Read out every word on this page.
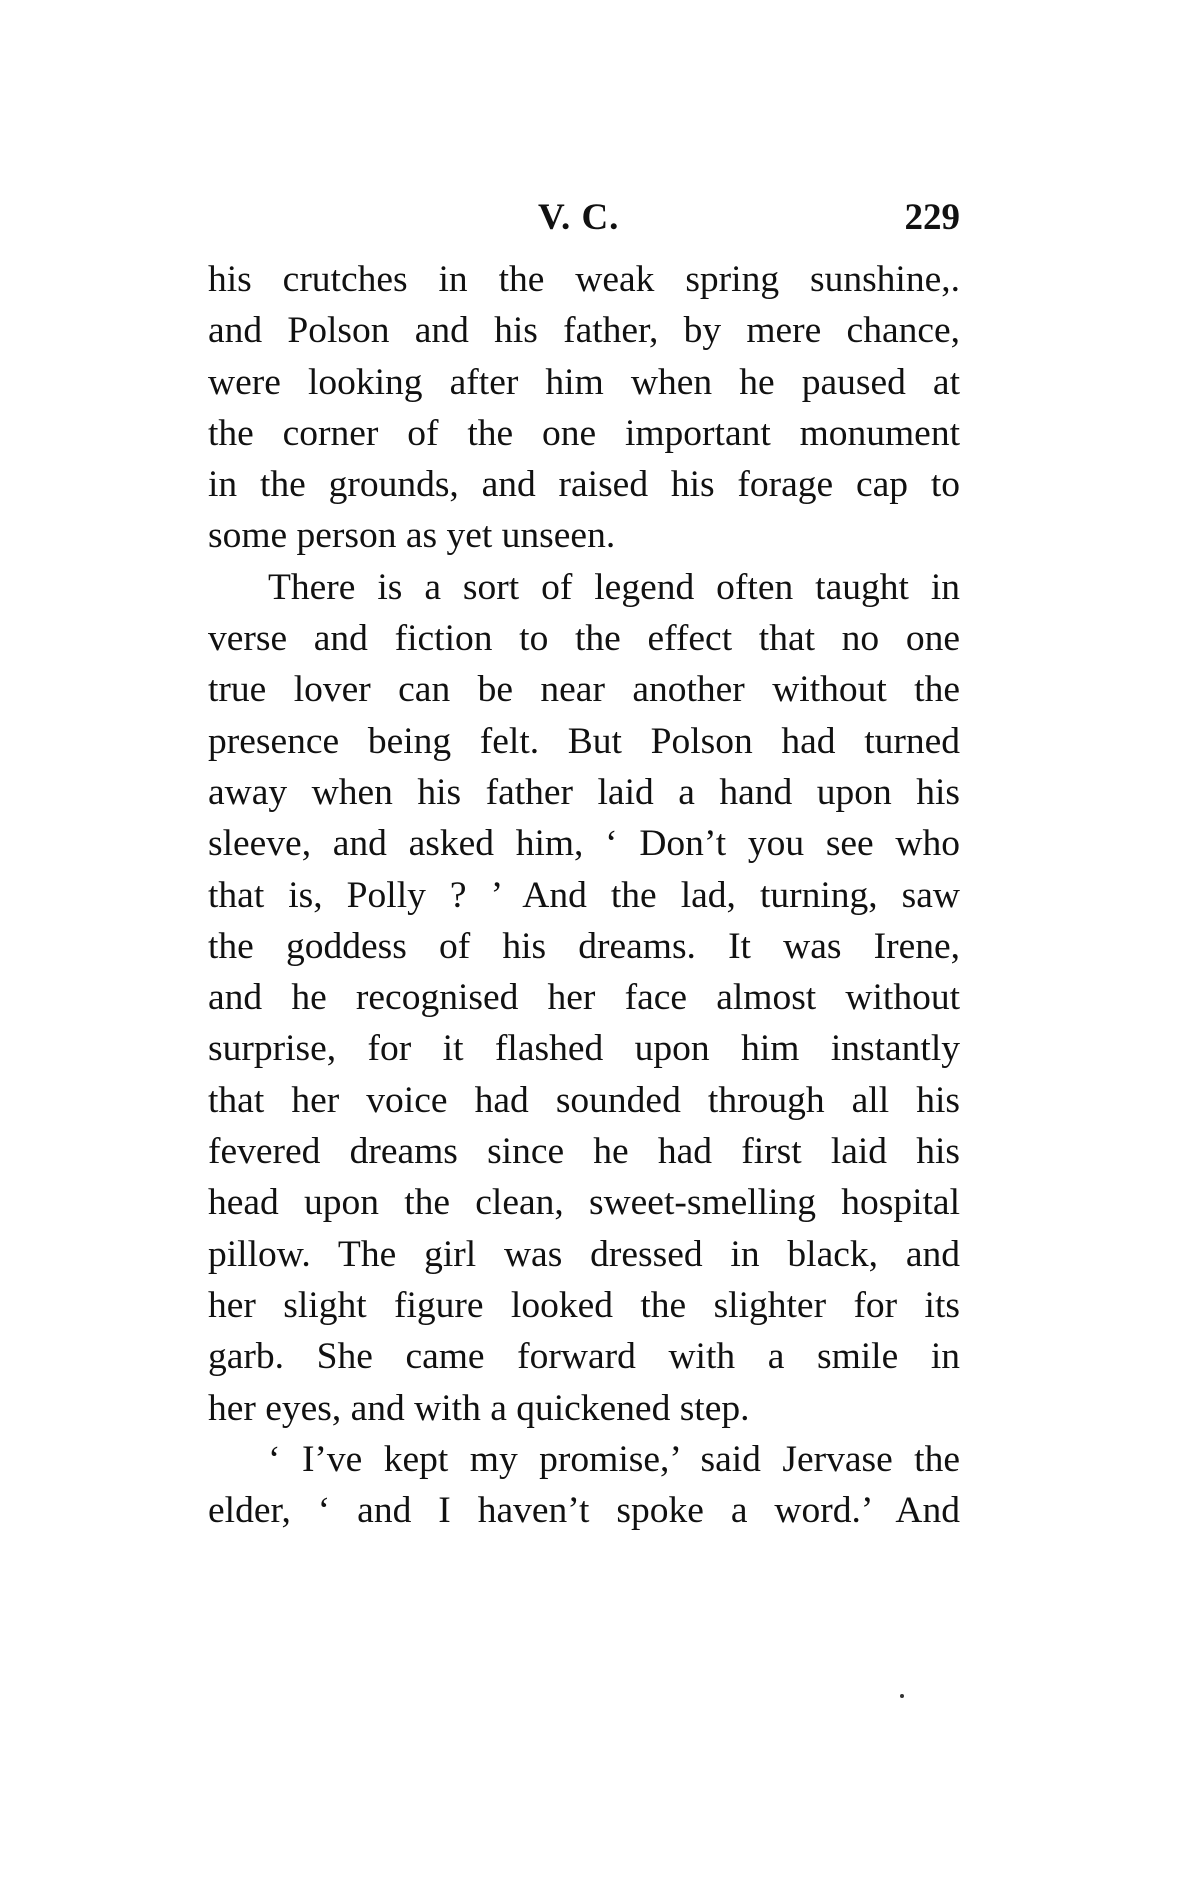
V. C.	229
his crutches in the weak spring sunshine,.
and Polson and his father, by mere chance,
were looking after him when he paused at
the corner of the one important monument
in the grounds, and raised his forage cap to
some person as yet unseen.
There is a sort of legend often taught in
verse and fiction to the effect that no one
true lover can be near another without the
presence being felt. But Polson had turned
away when his father laid a hand upon his
sleeve, and asked him, ‘ Don’t you see who
that is, Polly ? ’ And the lad, turning, saw
the goddess of his dreams. It was Irene,
and he recognised her face almost without
surprise, for it flashed upon him instantly
that her voice had sounded through all his
fevered dreams since he had first laid his
head upon the clean, sweet-smelling hospital
pillow. The girl was dressed in black, and
her slight figure looked the slighter for its
garb. She came forward with a smile in
her eyes, and with a quickened step.
‘ I’ve kept my promise,’ said Jervase the
elder, ‘ and I haven’t spoke a word.’ And
